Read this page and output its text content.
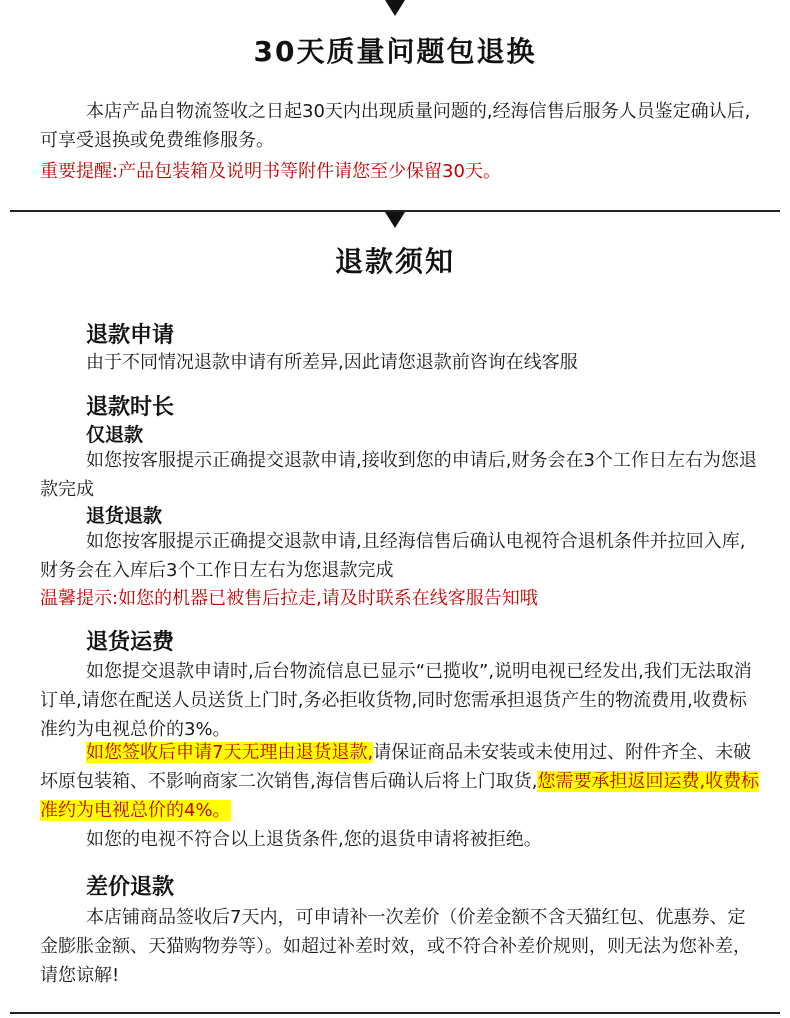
30天质量问题包退换

本店产品自物流签收之日起30天内出现质量问题的,经海信售后服务人员鉴定确认后,可享受退换或免费维修服务。

重要提醒:产品包装箱及说明书等附件请您至少保留30天。

退款须知
退款申请

由于不同情况退款申请有所差异,因此请您退款前咨询在线客服

退款时长
仅退款

如您按客服提示正确提交退款申请,接收到您的申请后,财务会在3个工作日左右为您退款完成

退货退款

如您按客服提示正确提交退款申请,且经海信售后确认电视符合退机条件并拉回入库,财务会在入库后3个工作日左右为您退款完成

温馨提示:如您的机器已被售后拉走,请及时联系在线客服告知哦

退货运费

如您提交退款申请时,后台物流信息已显示“已揽收”,说明电视已经发出,我们无法取消订单,请您在配送人员送货上门时,务必拒收货物,同时您需承担退货产生的物流费用,收费标准约为电视总价的3%。

如您签收后申请7天无理由退货退款,请保证商品未安装或未使用过、附件齐全、未破坏原包装箱、不影响商家二次销售,海信售后确认后将上门取货,您需要承担返回运费,收费标准约为电视总价的4%。

如您的电视不符合以上退货条件,您的退货申请将被拒绝。

差价退款

本店铺商品签收后7天内，可申请补一次差价（价差金额不含天猫红包、优惠券、定金膨胀金额、天猫购物券等）。如超过补差时效，或不符合补差价规则，则无法为您补差，请您谅解!
